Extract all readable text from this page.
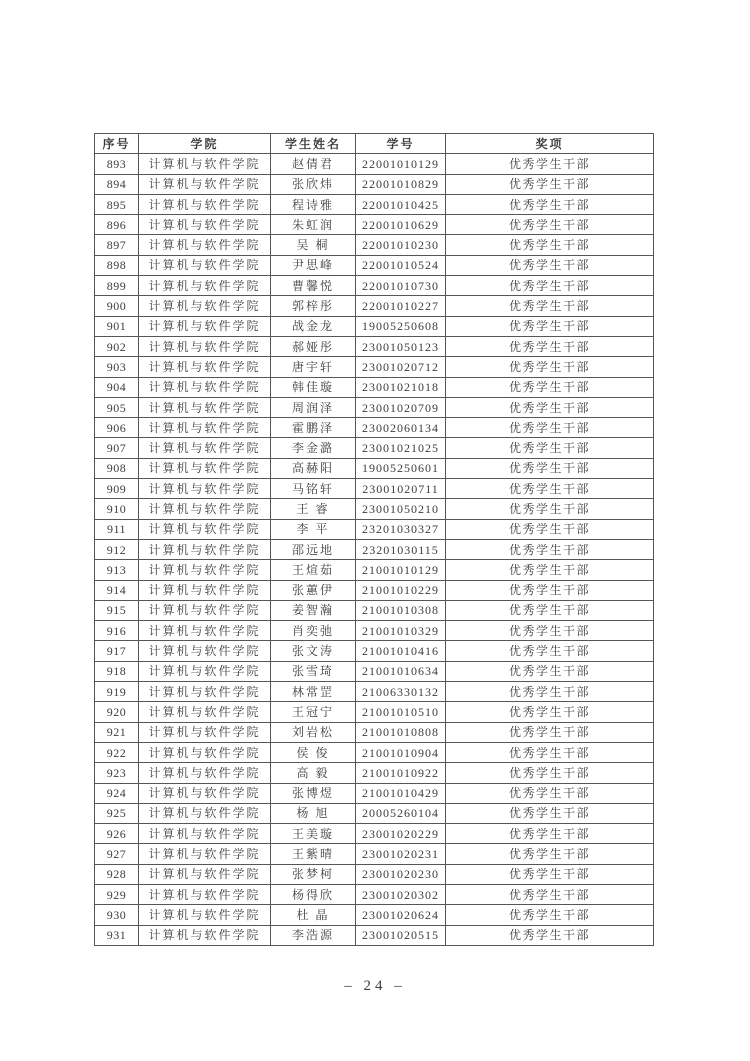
序号	学院	学生姓名	学号	奖项
893	计算机与软件学院	赵倩君	22001010129	优秀学生干部
894	计算机与软件学院	张欣炜	22001010829	优秀学生干部
895	计算机与软件学院	程诗雅	22001010425	优秀学生干部
896	计算机与软件学院	朱虹润	22001010629	优秀学生干部
897	计算机与软件学院	吴 桐	22001010230	优秀学生干部
898	计算机与软件学院	尹思峰	22001010524	优秀学生干部
899	计算机与软件学院	曹馨悦	22001010730	优秀学生干部
900	计算机与软件学院	郭梓彤	22001010227	优秀学生干部
901	计算机与软件学院	战金龙	19005250608	优秀学生干部
902	计算机与软件学院	郝娅彤	23001050123	优秀学生干部
903	计算机与软件学院	唐宇轩	23001020712	优秀学生干部
904	计算机与软件学院	韩佳璇	23001021018	优秀学生干部
905	计算机与软件学院	周润泽	23001020709	优秀学生干部
906	计算机与软件学院	霍鹏泽	23002060134	优秀学生干部
907	计算机与软件学院	李金潞	23001021025	优秀学生干部
908	计算机与软件学院	高赫阳	19005250601	优秀学生干部
909	计算机与软件学院	马铭轩	23001020711	优秀学生干部
910	计算机与软件学院	王 睿	23001050210	优秀学生干部
911	计算机与软件学院	李 平	23201030327	优秀学生干部
912	计算机与软件学院	邵远地	23201030115	优秀学生干部
913	计算机与软件学院	王煊茹	21001010129	优秀学生干部
914	计算机与软件学院	张蕙伊	21001010229	优秀学生干部
915	计算机与软件学院	姜智瀚	21001010308	优秀学生干部
916	计算机与软件学院	肖奕弛	21001010329	优秀学生干部
917	计算机与软件学院	张文涛	21001010416	优秀学生干部
918	计算机与软件学院	张雪琦	21001010634	优秀学生干部
919	计算机与软件学院	林常罡	21006330132	优秀学生干部
920	计算机与软件学院	王冠宁	21001010510	优秀学生干部
921	计算机与软件学院	刘岩松	21001010808	优秀学生干部
922	计算机与软件学院	侯 俊	21001010904	优秀学生干部
923	计算机与软件学院	高 毅	21001010922	优秀学生干部
924	计算机与软件学院	张博煜	21001010429	优秀学生干部
925	计算机与软件学院	杨 旭	20005260104	优秀学生干部
926	计算机与软件学院	王美璇	23001020229	优秀学生干部
927	计算机与软件学院	王紫晴	23001020231	优秀学生干部
928	计算机与软件学院	张梦柯	23001020230	优秀学生干部
929	计算机与软件学院	杨得欣	23001020302	优秀学生干部
930	计算机与软件学院	杜 晶	23001020624	优秀学生干部
931	计算机与软件学院	李浩源	23001020515	优秀学生干部
– 24 –
